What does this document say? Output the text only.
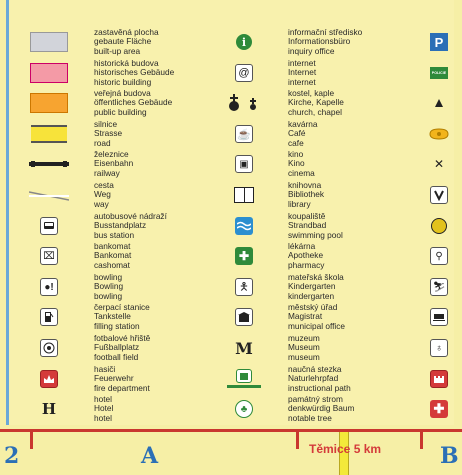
zastavěná plocha
gebaute Fläche
built-up area
historická budova
historisches Gebäude
historic building
veřejná budova
öffentliches Gebäude
public building
silnice
Strasse
road
železnice
Eisenbahn
railway
cesta
Weg
way
autobusové nádraží
Busstandplatz
bus station
⌧
bankomat
Bankomat
cashomat
●ǃ
bowling
Bowling
bowling
čerpací stanice
Tankstelle
filling station
fotbalové hřiště
Fußballplatz
football field
hasiči
Feuerwehr
fire department
H
hotel
Hotel
hotel
i
informační středisko
Informationsbüro
inquiry office
@
internet
Internet
internet
kostel, kaple
Kirche, Kapelle
church, chapel
☕
kavárna
Café
cafe
▣
kino
Kino
cinema
knihovna
Bibliothek
library
koupaliště
Strandbad
swimming pool
✚
lékárna
Apotheke
pharmacy
🯅
mateřská škola
Kindergarten
kindergarten
městský úřad
Magistrat
municipal office
M
muzeum
Museum
museum
naučná stezka
Naturlehrpfad
instructional path
♣
památný strom
denkwürdig Baum
notable tree
P
POLICIE
✕
⚲
⛷
♁
✚
2	A	B
Těmice 5 km
